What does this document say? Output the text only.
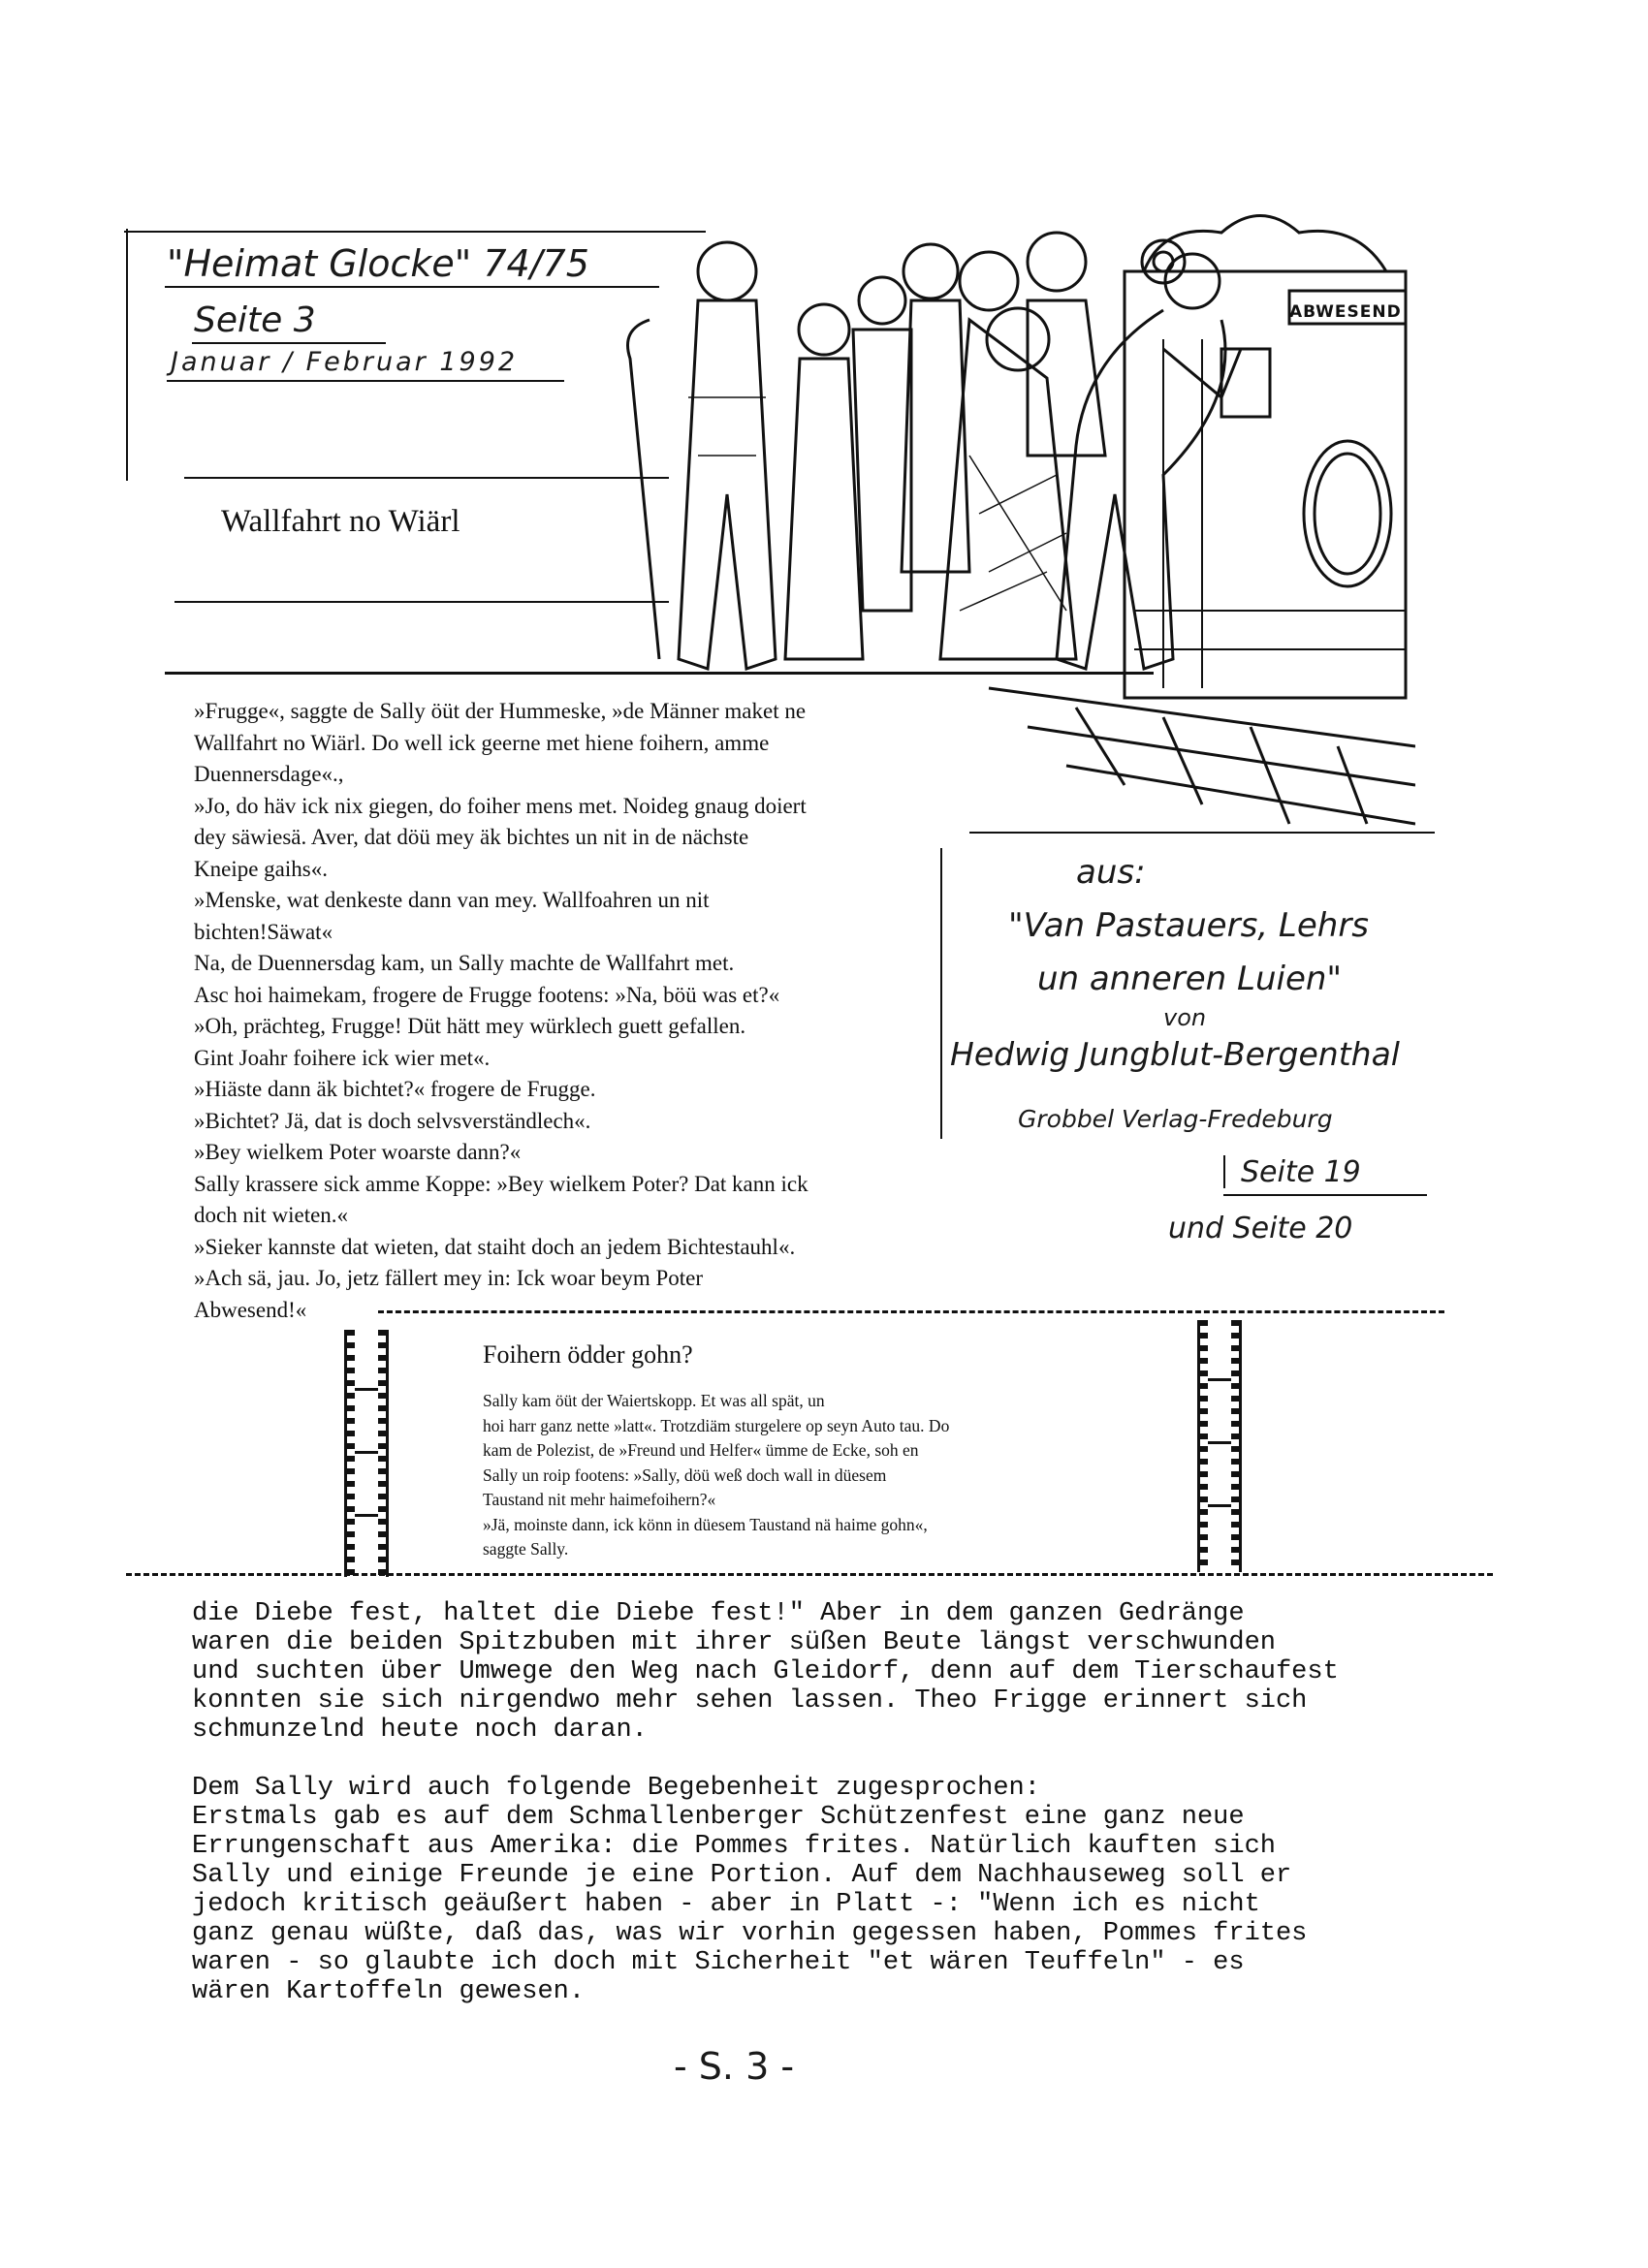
"Heimat Glocke" 74/75
Seite 3
Januar / Februar 1992
Wallfahrt no Wiärl
ABWESEND

»Frugge«, saggte de Sally öüt der Hummeske, »de Männer maket ne

Wallfahrt no Wiärl. Do well ick geerne met hiene foihern, amme

Duennersdage«.,

»Jo, do häv ick nix giegen, do foiher mens met. Noideg gnaug doiert

dey säwiesä. Aver, dat döü mey äk bichtes un nit in de nächste

Kneipe gaihs«.

»Menske, wat denkeste dann van mey. Wallfoahren un nit

bichten!Säwat«

Na, de Duennersdag kam, un Sally machte de Wallfahrt met.

Asc hoi haimekam, frogere de Frugge footens: »Na, böü was et?«

»Oh, prächteg, Frugge! Düt hätt mey würklech guett gefallen.

Gint Joahr foihere ick wier met«.

»Hiäste dann äk bichtet?« frogere de Frugge.

»Bichtet? Jä, dat is doch selvsverständlech«.

»Bey wielkem Poter woarste dann?«

Sally krassere sick amme Koppe: »Bey wielkem Poter? Dat kann ick

doch nit wieten.«

»Sieker kannste dat wieten, dat staiht doch an jedem Bichtestauhl«.

»Ach sä, jau. Jo, jetz fällert mey in: Ick woar beym Poter

Abwesend!«

aus:
"Van Pastauers, Lehrs
un anneren Luien"
von
Hedwig Jungblut-Bergenthal
Grobbel Verlag-Fredeburg
Seite 19
und Seite 20
Foihern ödder gohn?

Sally kam öüt der Waiertskopp. Et was all spät, un

hoi harr ganz nette »latt«. Trotzdiäm sturgelere op seyn Auto tau. Do

kam de Polezist, de »Freund und Helfer« ümme de Ecke, soh en

Sally un roip footens: »Sally, döü weß doch wall in düesem

Taustand nit mehr haimefoihern?«

»Jä, moinste dann, ick könn in düesem Taustand nä haime gohn«,

saggte Sally.

die Diebe fest, haltet die Diebe fest!" Aber in dem ganzen Gedränge

waren die beiden Spitzbuben mit ihrer süßen Beute längst verschwunden

und suchten über Umwege den Weg nach Gleidorf, denn auf dem Tierschaufest

konnten sie sich nirgendwo mehr sehen lassen. Theo Frigge erinnert sich

schmunzelnd heute noch daran.

Dem Sally wird auch folgende Begebenheit zugesprochen:

Erstmals gab es auf dem Schmallenberger Schützenfest eine ganz neue

Errungenschaft aus Amerika: die Pommes frites. Natürlich kauften sich

Sally und einige Freunde je eine Portion. Auf dem Nachhauseweg soll er

jedoch kritisch geäußert haben - aber in Platt -: "Wenn ich es nicht

ganz genau wüßte, daß das, was wir vorhin gegessen haben, Pommes frites

waren - so glaubte ich doch mit Sicherheit "et wären Teuffeln" - es

wären Kartoffeln gewesen.

- S. 3 -
